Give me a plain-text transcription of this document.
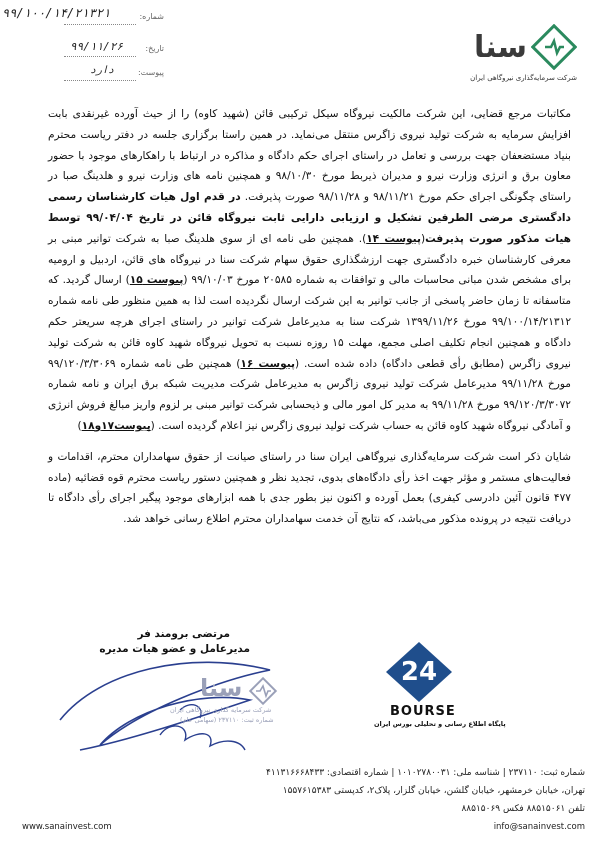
شماره:
۹۹/۱۰۰/۱۴/۲۱۳۲۱
تاریخ:
۹۹/۱۱/۲۶
پیوست:
دارد
سنا
شرکت سرمایه‌گذاری نیروگاهی ایران

مکاتبات مرجع قضایی، این شرکت مالکیت نیروگاه سیکل ترکیبی قائن (شهید کاوه) را از حیث آورده غیرنقدی بابت افزایش سرمایه به شرکت تولید نیروی زاگرس منتقل می‌نماید. در همین راستا برگزاری جلسه در دفتر ریاست محترم بنیاد مستضعفان جهت بررسی و تعامل در راستای اجرای حکم دادگاه و مذاکره در ارتباط با راهکارهای موجود با حضور معاون برق و انرژی وزارت نیرو و مدیران ذیربط مورخ ۹۸/۱۰/۳۰ و همچنین نامه های وزارت نیرو و هلدینگ صبا در راستای چگونگی اجرای حکم مورخ ۹۸/۱۱/۲۱ و ۹۸/۱۱/۲۸ صورت پذیرفت. در قدم اول هیات کارشناسان رسمی دادگستری مرضی الطرفین تشکیل و ارزیابی دارایی ثابت نیروگاه قائن در تاریخ ۹۹/۰۴/۰۴ توسط هیات مذکور صورت پذیرفت(پیوست ۱۴). همچنین طی نامه ای از سوی هلدینگ صبا به شرکت توانیر مبنی بر معرفی کارشناسان خبره دادگستری جهت ارزشگذاری حقوق سهام شرکت سنا در نیروگاه های قائن، اردبیل و ارومیه برای مشخص شدن مبانی محاسبات مالی و توافقات به شماره ۲۰۵۸۵ مورخ ۹۹/۱۰/۰۳ (پیوست ۱۵) ارسال گردید. که متاسفانه تا زمان حاضر پاسخی از جانب توانیر به این شرکت ارسال نگردیده است لذا به همین منظور طی نامه شماره ۹۹/۱۰۰/۱۴/۲۱۳۱۲ مورخ ۱۳۹۹/۱۱/۲۶ شرکت سنا به مدیرعامل شرکت توانیر در راستای اجرای هرچه سریعتر حکم دادگاه و همچنین انجام تکلیف اصلی مجمع، مهلت ۱۵ روزه نسبت به تحویل نیروگاه شهید کاوه قائن به شرکت تولید نیروی زاگرس (مطابق رأی قطعی دادگاه) داده شده است. (پیوست ۱۶) همچنین طی نامه شماره ۹۹/۱۲۰/۳/۳۰۶۹ مورخ ۹۹/۱۱/۲۸ مدیرعامل شرکت تولید نیروی زاگرس به مدیرعامل شرکت مدیریت شبکه برق ایران و نامه شماره ۹۹/۱۲۰/۳/۳۰۷۲ مورخ ۹۹/۱۱/۲۸ به مدیر کل امور مالی و ذیحسابی شرکت توانیر مبنی بر لزوم واریز مبالغ فروش انرژی و آمادگی نیروگاه شهید کاوه قائن به حساب شرکت تولید نیروی زاگرس نیز اعلام گردیده است. (پیوست۱۷و۱۸)

شایان ذکر است شرکت سرمایه‌گذاری نیروگاهی ایران سنا در راستای صیانت از حقوق سهامداران محترم، اقدامات و فعالیت‌های مستمر و مؤثر جهت اخذ رأی دادگاه‌های بدوی، تجدید نظر و همچنین دستور ریاست محترم قوه قضائیه (ماده ۴۷۷ قانون آئین دادرسی کیفری) بعمل آورده و اکنون نیز بطور جدی با همه ابزارهای موجود پیگیر اجرای رأی دادگاه تا دریافت نتیجه در پرونده مذکور می‌باشد، که نتایج آن خدمت سهامداران محترم اطلاع رسانی خواهد شد.

مرتضی برومند فر
مدیرعامل و عضو هیات مدیره
سنا
شرکت سرمایه گذاری نیروگاهی ایران
شماره ثبت: ۲۳۷۱۱۰ (سهامی عام)
24
BOURSE
پایگاه اطلاع رسانی و تحلیلی بورس ایران
شماره ثبت: ۲۳۷۱۱۰ | شناسه ملی: ۱۰۱۰۲۷۸۰۰۳۱ | شماره اقتصادی: ۴۱۱۳۱۶۶۶۸۴۳۳
تهران، خیابان خرمشهر، خیابان گلشن، خیابان گلزار، پلاک۲، کدپستی ۱۵۵۷۶۱۵۳۸۳
تلفن ۸۸۵۱۵۰۶۱ فکس ۸۸۵۱۵۰۶۹
info@sanainvest.com
www.sanainvest.com
